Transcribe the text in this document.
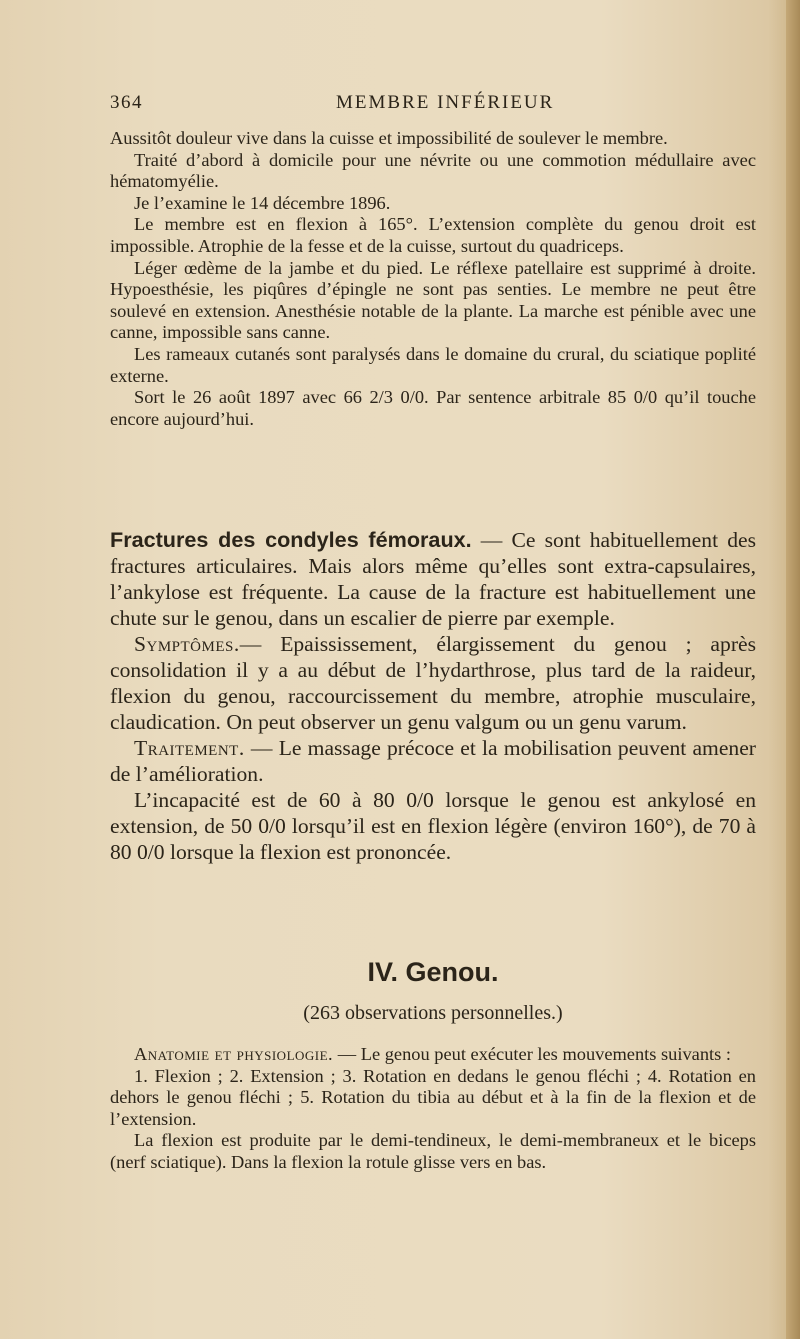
364	MEMBRE INFÉRIEUR

Aussitôt douleur vive dans la cuisse et impossibilité de soulever le membre.

Traité d’abord à domicile pour une névrite ou une commotion médullaire avec hématomyélie.

Je l’examine le 14 décembre 1896.

Le membre est en flexion à 165°. L’extension complète du genou droit est impossible. Atrophie de la fesse et de la cuisse, surtout du quadriceps.

Léger œdème de la jambe et du pied. Le réflexe patellaire est supprimé à droite. Hypoesthésie, les piqûres d’épingle ne sont pas senties. Le membre ne peut être soulevé en extension. Anesthésie notable de la plante. La marche est pénible avec une canne, impossible sans canne.

Les rameaux cutanés sont paralysés dans le domaine du crural, du sciatique poplité externe.

Sort le 26 août 1897 avec 66 2/3 0/0. Par sentence arbitrale 85 0/0 qu’il touche encore aujourd’hui.

Fractures des condyles fémoraux. — Ce sont habituellement des fractures articulaires. Mais alors même qu’elles sont extra-capsulaires, l’ankylose est fréquente. La cause de la fracture est habituellement une chute sur le genou, dans un escalier de pierre par exemple.

Symptômes.— Epaississement, élargissement du genou ; après consolidation il y a au début de l’hydarthrose, plus tard de la raideur, flexion du genou, raccourcissement du membre, atrophie musculaire, claudication. On peut observer un genu valgum ou un genu varum.

Traitement. — Le massage précoce et la mobilisation peuvent amener de l’amélioration.

L’incapacité est de 60 à 80 0/0 lorsque le genou est ankylosé en extension, de 50 0/0 lorsqu’il est en flexion légère (environ 160°), de 70 à 80 0/0 lorsque la flexion est prononcée.

IV. Genou.
(263 observations personnelles.)

Anatomie et physiologie. — Le genou peut exécuter les mouvements suivants :

1. Flexion ; 2. Extension ; 3. Rotation en dedans le genou fléchi ; 4. Rotation en dehors le genou fléchi ; 5. Rotation du tibia au début et à la fin de la flexion et de l’extension.

La flexion est produite par le demi-tendineux, le demi-membraneux et le biceps (nerf sciatique). Dans la flexion la rotule glisse vers en bas.
